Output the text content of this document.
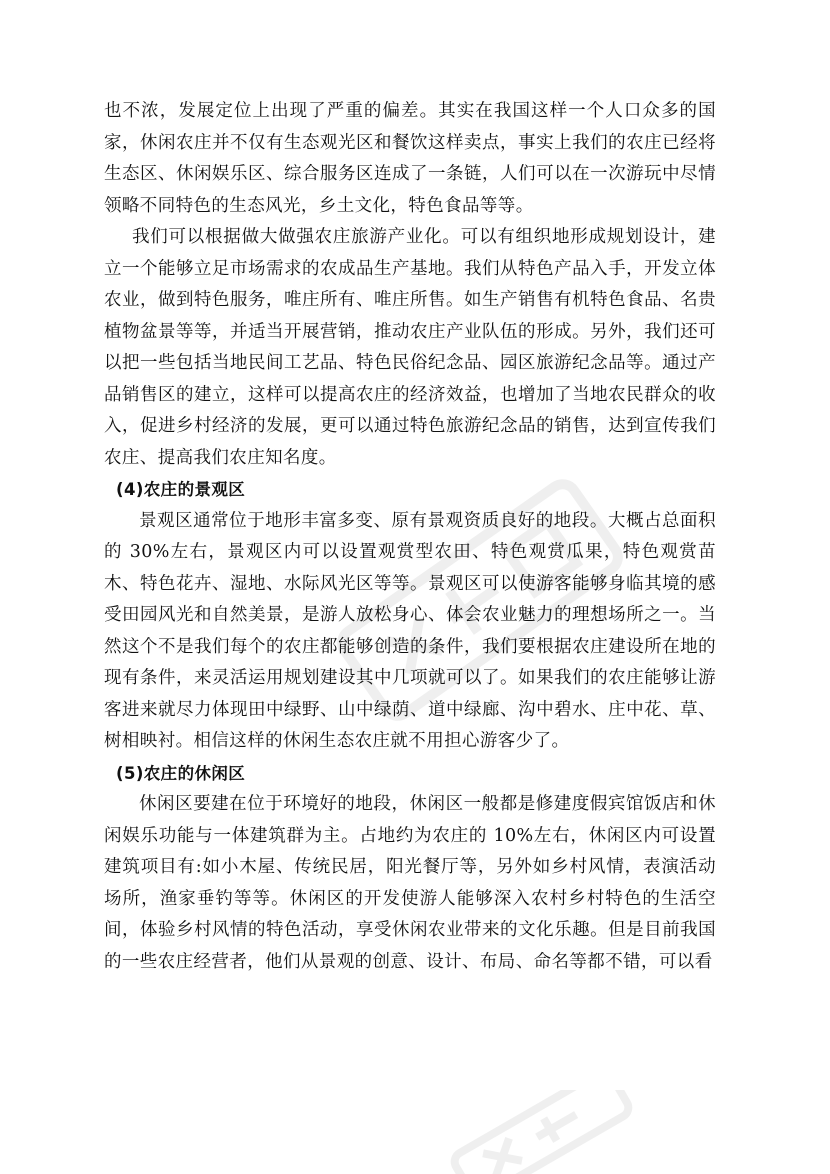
也不浓，发展定位上出现了严重的偏差。其实在我国这样一个人口众多的国家，休闲农庄并不仅有生态观光区和餐饮这样卖点，事实上我们的农庄已经将生态区、休闲娱乐区、综合服务区连成了一条链，人们可以在一次游玩中尽情领略不同特色的生态风光，乡土文化，特色食品等等。

我们可以根据做大做强农庄旅游产业化。可以有组织地形成规划设计，建立一个能够立足市场需求的农成品生产基地。我们从特色产品入手，开发立体农业，做到特色服务，唯庄所有、唯庄所售。如生产销售有机特色食品、名贵植物盆景等等，并适当开展营销，推动农庄产业队伍的形成。另外，我们还可以把一些包括当地民间工艺品、特色民俗纪念品、园区旅游纪念品等。通过产品销售区的建立，这样可以提高农庄的经济效益，也增加了当地农民群众的收入，促进乡村经济的发展，更可以通过特色旅游纪念品的销售，达到宣传我们农庄、提高我们农庄知名度。

(4)农庄的景观区

景观区通常位于地形丰富多变、原有景观资质良好的地段。大概占总面积的 30%左右，景观区内可以设置观赏型农田、特色观赏瓜果，特色观赏苗木、特色花卉、湿地、水际风光区等等。景观区可以使游客能够身临其境的感受田园风光和自然美景，是游人放松身心、体会农业魅力的理想场所之一。当然这个不是我们每个的农庄都能够创造的条件，我们要根据农庄建设所在地的现有条件，来灵活运用规划建设其中几项就可以了。如果我们的农庄能够让游客进来就尽力体现田中绿野、山中绿荫、道中绿廊、沟中碧水、庄中花、草、树相映衬。相信这样的休闲生态农庄就不用担心游客少了。

(5)农庄的休闲区

休闲区要建在位于环境好的地段，休闲区一般都是修建度假宾馆饭店和休闲娱乐功能与一体建筑群为主。占地约为农庄的 10%左右，休闲区内可设置建筑项目有:如小木屋、传统民居，阳光餐厅等，另外如乡村风情，表演活动场所，渔家垂钓等等。休闲区的开发使游人能够深入农村乡村特色的生活空间，体验乡村风情的特色活动，享受休闲农业带来的文化乐趣。但是目前我国的一些农庄经营者，他们从景观的创意、设计、布局、命名等都不错，可以看
